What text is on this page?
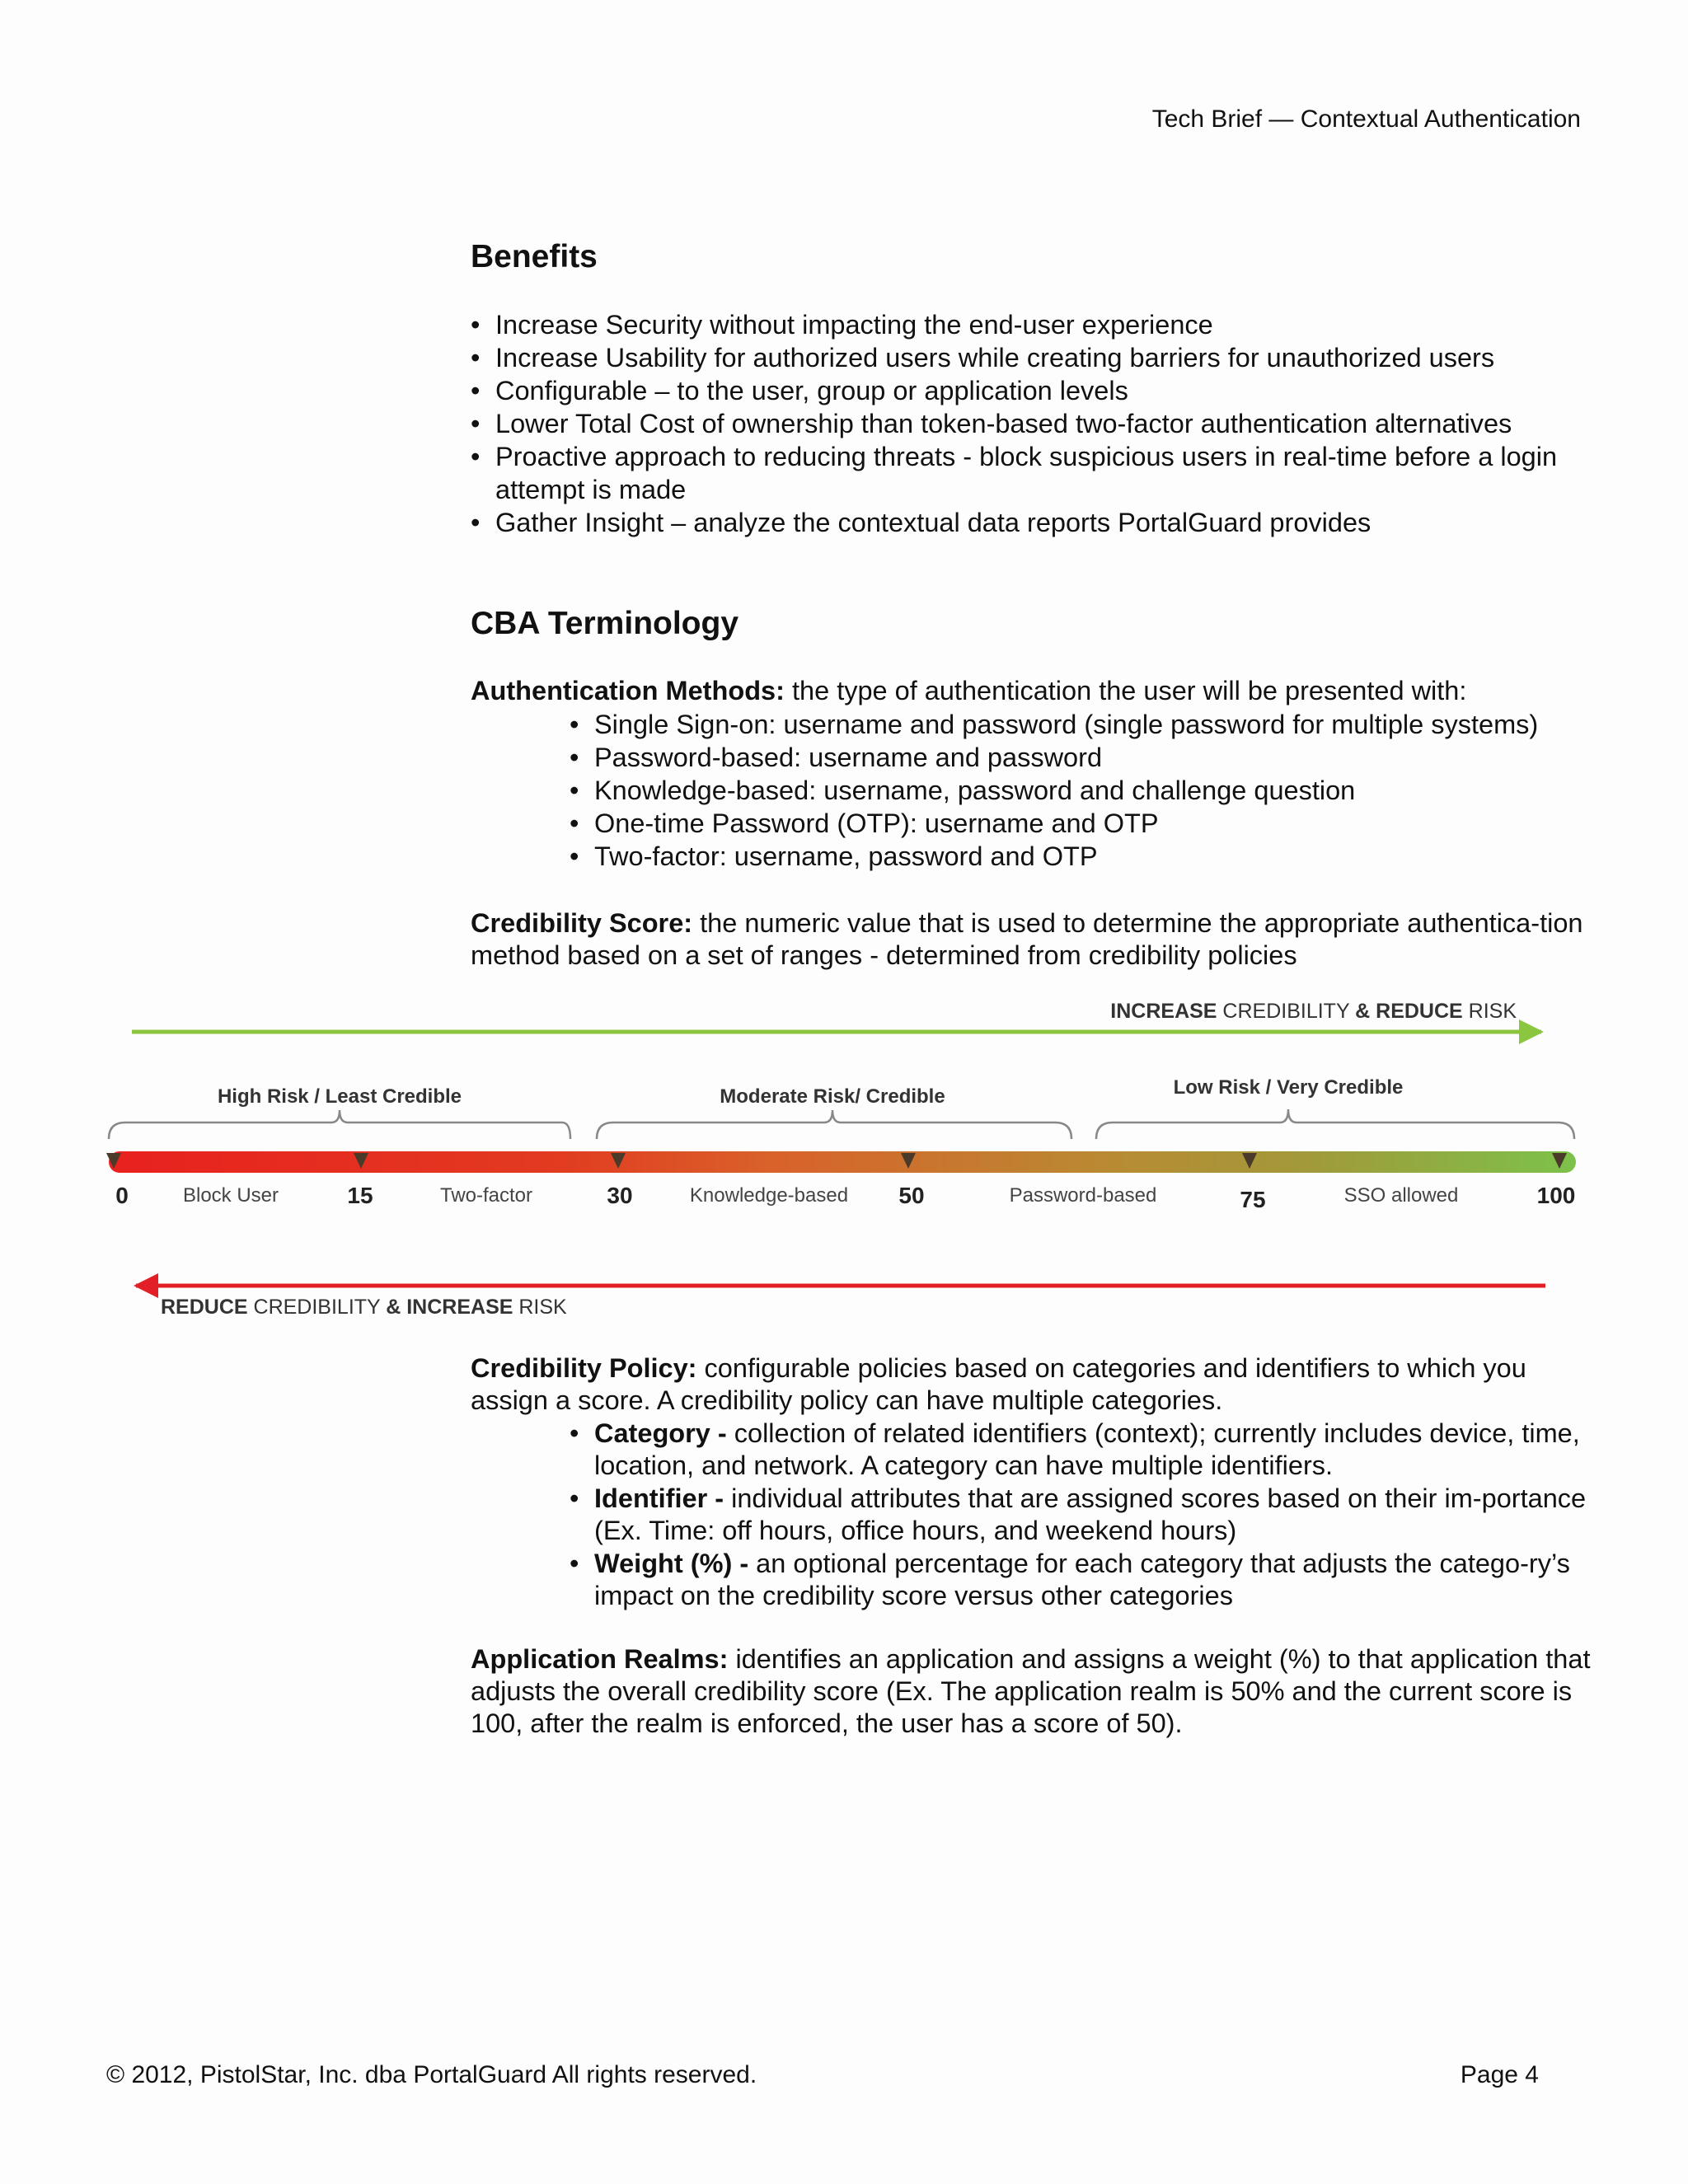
Tech Brief — Contextual Authentication
Benefits
• Increase Security without impacting the end-user experience
• Increase Usability for authorized users while creating barriers for unauthorized users
• Configurable – to the user, group or application levels
• Lower Total Cost of ownership than token-based two-factor authentication alternatives
• Proactive approach to reducing threats - block suspicious users in real-time before a login attempt is made
• Gather Insight – analyze the contextual data reports PortalGuard provides
CBA Terminology
Authentication Methods: the type of authentication the user will be presented with:
• Single Sign-on: username and password (single password for multiple systems)
• Password-based: username and password
• Knowledge-based: username, password and challenge question
• One-time Password (OTP): username and OTP
• Two-factor: username, password and OTP
Credibility Score: the numeric value that is used to determine the appropriate authentica-tion method based on a set of ranges - determined from credibility policies
INCREASE CREDIBILITY & REDUCE RISK
High Risk / Least Credible	Moderate Risk/ Credible	Low Risk / Very Credible
0	15	30	50	75	100
Block User	Two-factor	Knowledge-based	Password-based	SSO allowed
REDUCE CREDIBILITY & INCREASE RISK
Credibility Policy: configurable policies based on categories and identifiers to which you assign a score. A credibility policy can have multiple categories.
• Category - collection of related identifiers (context); currently includes device, time, location, and network. A category can have multiple identifiers.
• Identifier - individual attributes that are assigned scores based on their im-portance (Ex. Time: off hours, office hours, and weekend hours)
• Weight (%) - an optional percentage for each category that adjusts the catego-ry’s impact on the credibility score versus other categories
Application Realms: identifies an application and assigns a weight (%) to that application that adjusts the overall credibility score (Ex. The application realm is 50% and the current score is 100, after the realm is enforced, the user has a score of 50).
© 2012, PistolStar, Inc. dba PortalGuard All rights reserved.	Page 4
